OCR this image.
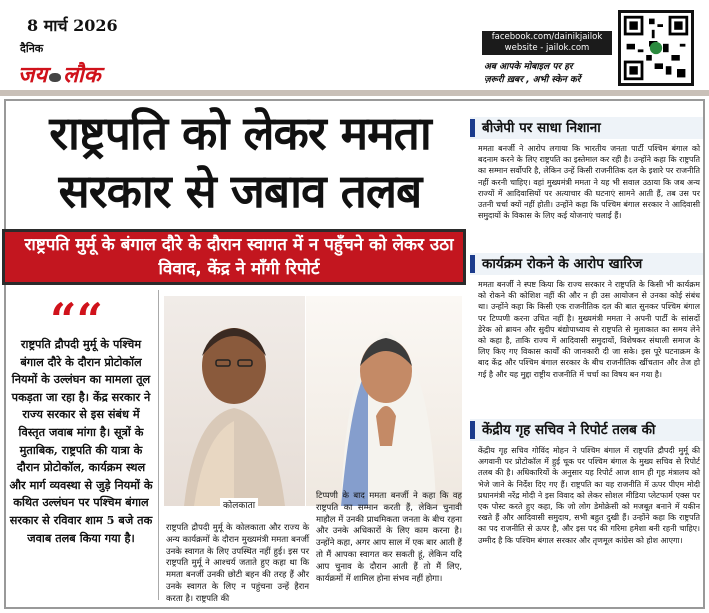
8 मार्च 2026
दैनिक
जय लौक
facebook.com/dainikjailok
website - jailok.com
अब आपके मोबाइल पर हर
ज़रूरी ख़बर , अभी स्केन करें
राष्ट्रपति को लेकर ममता
सरकार से जबाव तलब
राष्ट्रपति मुर्मू के बंगाल दौरे के दौरान स्वागत में न पहुँचने को लेकर उठा विवाद, केंद्र ने माँगी रिपोर्ट
““
राष्ट्रपति द्रौपदी मुर्मू के पश्चिम बंगाल दौरे के दौरान प्रोटोकॉल नियमों के उल्लंघन का मामला तूल पकड़ता जा रहा है। केंद्र सरकार ने राज्य सरकार से इस संबंध में विस्तृत जवाब मांगा है। सूत्रों के मुताबिक, राष्ट्रपति की यात्रा के दौरान प्रोटोकॉल, कार्यक्रम स्थल और मार्ग व्यवस्था से जुड़े नियमों के कथित उल्लंघन पर पश्चिम बंगाल सरकार से रविवार शाम 5 बजे तक जवाब तलब किया गया है।
कोलकाता
राष्ट्रपति द्रौपदी मुर्मू के कोलकाता और राज्य के अन्य कार्यक्रमों के दौरान मुख्यमंत्री ममता बनर्जी उनके स्वागत के लिए उपस्थित नहीं हुई। इस पर राष्ट्रपति मुर्मू ने आश्चर्य जताते हुए कहा था कि ममता बनर्जी उनकी छोटी बहन की तरह हैं और उनके स्वागत के लिए न पहुंचना उन्हें हैरान करता है। राष्ट्रपति की
टिप्पणी के बाद ममता बनर्जी ने कहा कि वह राष्ट्रपति का सम्मान करती हैं, लेकिन चुनावी माहौल में उनकी प्राथमिकता जनता के बीच रहना और उनके अधिकारों के लिए काम करना है। उन्होंने कहा, अगर आप साल में एक बार आती हैं तो मैं आपका स्वागत कर सकती हूं, लेकिन यदि आप चुनाव के दौरान आती हैं तो मैं लिए, कार्यक्रमों में शामिल होना संभव नहीं होगा।
बीजेपी पर साधा निशाना
ममता बनर्जी ने आरोप लगाया कि भारतीय जनता पार्टी पश्चिम बंगाल को बदनाम करने के लिए राष्ट्रपति का इस्तेमाल कर रही है। उन्होंने कहा कि राष्ट्रपति का सम्मान सर्वोपरि है, लेकिन उन्हें किसी राजनीतिक दल के इशारे पर राजनीति नहीं करनी चाहिए। वहां मुख्यमंत्री ममता ने यह भी सवाल उठाया कि जब अन्य राज्यों में आदिवासियों पर अत्याचार की घटनाएं सामने आती हैं, तब उस पर उतनी चर्चा क्यों नहीं होती। उन्होंने कहा कि पश्चिम बंगाल सरकार ने आदिवासी समुदायों के विकास के लिए कई योजनाएं चलाई हैं।
कार्यक्रम रोकने के आरोप खारिज
ममता बनर्जी ने स्पष्ट किया कि राज्य सरकार ने राष्ट्रपति के किसी भी कार्यक्रम को रोकने की कोशिश नहीं की और न ही उस आयोजन से उनका कोई संबंध था। उन्होंने कहा कि किसी एक राजनीतिक दल की बात सुनकर पश्चिम बंगाल पर टिप्पणी करना उचित नहीं है। मुख्यमंत्री ममता ने अपनी पार्टी के सांसदों डेरेक ओ ब्रायन और सुदीप बंद्योपाध्याय से राष्ट्रपति से मुलाकात का समय लेने को कहा है, ताकि राज्य में आदिवासी समुदायों, विशेषकर संथाली समाज के लिए किए गए विकास कार्यों की जानकारी दी जा सके। इस पूरे घटनाक्रम के बाद केंद्र और पश्चिम बंगाल सरकार के बीच राजनीतिक खींचतान और तेज हो गई है और यह मुद्दा राष्ट्रीय राजनीति में चर्चा का विषय बन गया है।
केंद्रीय गृह सचिव ने रिपोर्ट तलब की
केंद्रीय गृह सचिव गोविंद मोहन ने पश्चिम बंगाल में राष्ट्रपति द्रौपदी मुर्मू की अगवानी पर प्रोटोकॉल में हुई चूक पर पश्चिम बंगाल के मुख्य सचिव से रिपोर्ट तलब की है। अधिकारियों के अनुसार यह रिपोर्ट आज शाम ही गृह मंत्रालय को भेजे जाने के निर्देश दिए गए हैं। राष्ट्रपति का यह राजनीति में ऊपर पीएम मोदी प्रधानमंत्री नरेंद्र मोदी ने इस विवाद को लेकर सोशल मीडिया प्लेटफार्म एक्स पर एक पोस्ट करते हुए कहा, कि जो लोग डेमोक्रेसी को मजबूत बनाने में यकीन रखते हैं और आदिवासी समुदाय, सभी बहुत दुखी हैं। उन्होंने कहा कि राष्ट्रपति का पद राजनीति से ऊपर है, और इस पद की गरिमा हमेशा बनी रहनी चाहिए। उम्मीद है कि पश्चिम बंगाल सरकार और तृणमूल कांग्रेस को होश आएगा।
